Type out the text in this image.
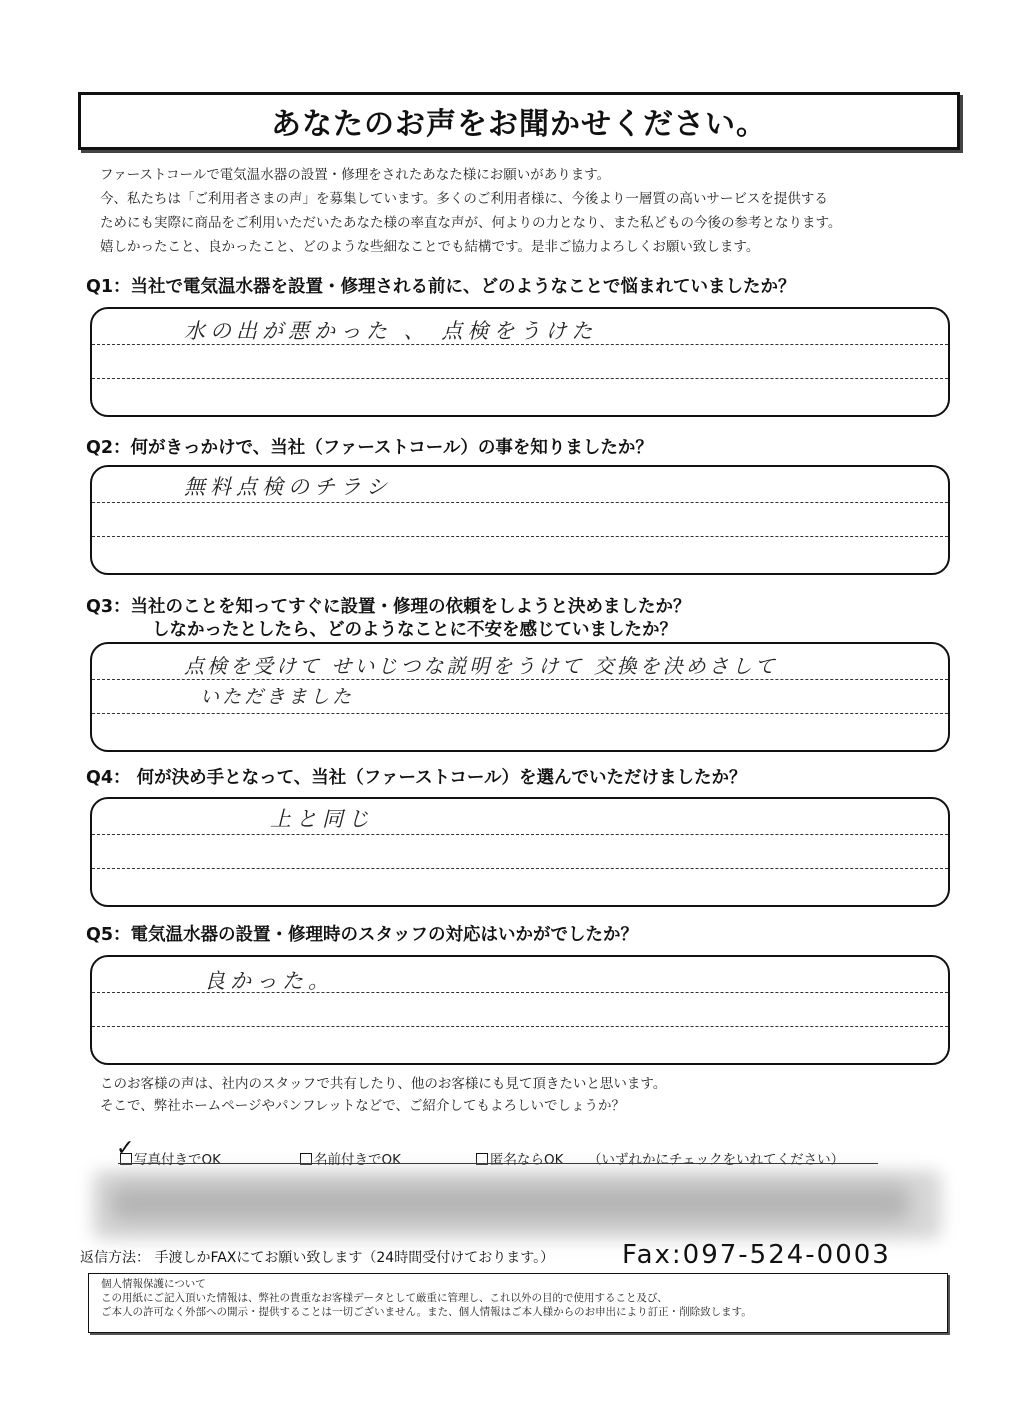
あなたのお声をお聞かせください。
ファーストコールで電気温水器の設置・修理をされたあなた様にお願いがあります。
今、私たちは「ご利用者さまの声」を募集しています。多くのご利用者様に、今後より一層質の高いサービスを提供する
ためにも実際に商品をご利用いただいたあなた様の率直な声が、何よりの力となり、また私どもの今後の参考となります。
嬉しかったこと、良かったこと、どのような些細なことでも結構です。是非ご協力よろしくお願い致します。
Q1：当社で電気温水器を設置・修理される前に、どのようなことで悩まれていましたか？
水の出が悪かった 、 点検をうけた
Q2：何がきっかけで、当社（ファーストコール）の事を知りましたか？
無料点検のチラシ
Q3：当社のことを知ってすぐに設置・修理の依頼をしようと決めましたか？
しなかったとしたら、どのようなことに不安を感じていましたか？
点検を受けて せいじつな説明をうけて 交換を決めさして
いただきました
Q4： 何が決め手となって、当社（ファーストコール）を選んでいただけましたか？
上と同じ
Q5：電気温水器の設置・修理時のスタッフの対応はいかがでしたか？
良かった。
このお客様の声は、社内のスタッフで共有したり、他のお客様にも見て頂きたいと思います。
そこで、弊社ホームページやパンフレットなどで、ご紹介してもよろしいでしょうか？
写真付きでOK
✓	名前付きでOK	匿名ならOK （いずれかにチェックをいれてください）
返信方法： 手渡しかFAXにてお願い致します（24時間受付けております。）	Fax:097-524-0003
個人情報保護について
この用紙にご記入頂いた情報は、弊社の貴重なお客様データとして厳重に管理し、これ以外の目的で使用すること及び、
ご本人の許可なく外部への開示・提供することは一切ございません。また、個人情報はご本人様からのお申出により訂正・削除致します。
